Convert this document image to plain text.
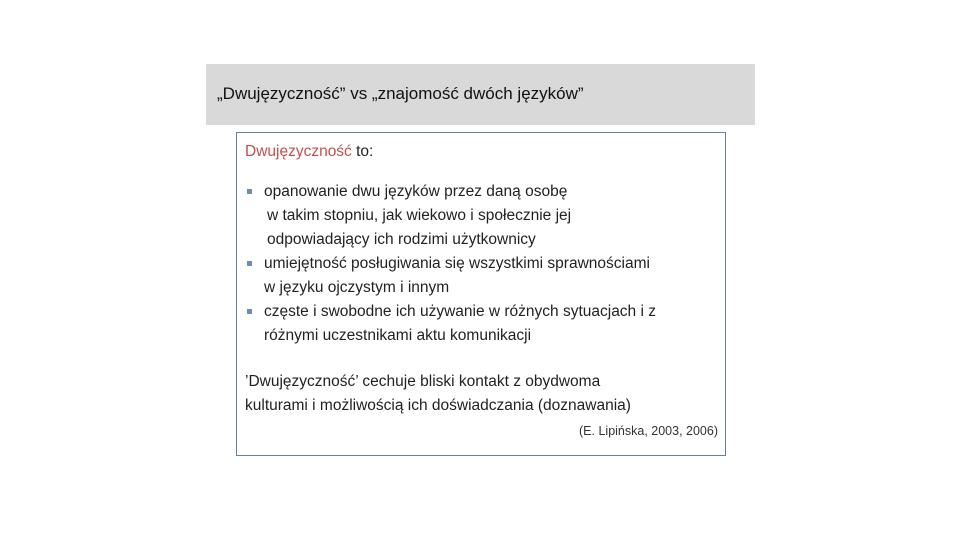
„Dwujęzyczność” vs „znajomość dwóch języków”
Dwujęzyczność to:
opanowanie dwu języków przez daną osobę
w takim stopniu, jak wiekowo i społecznie jej
odpowiadający ich rodzimi użytkownicy
umiejętność posługiwania się wszystkimi sprawnościami
w języku ojczystym i innym
częste i swobodne ich używanie w różnych sytuacjach i z
różnymi uczestnikami aktu komunikacji
’Dwujęzyczność’ cechuje bliski kontakt z obydwoma
kulturami i możliwością ich doświadczania (doznawania)
(E. Lipińska, 2003, 2006)
